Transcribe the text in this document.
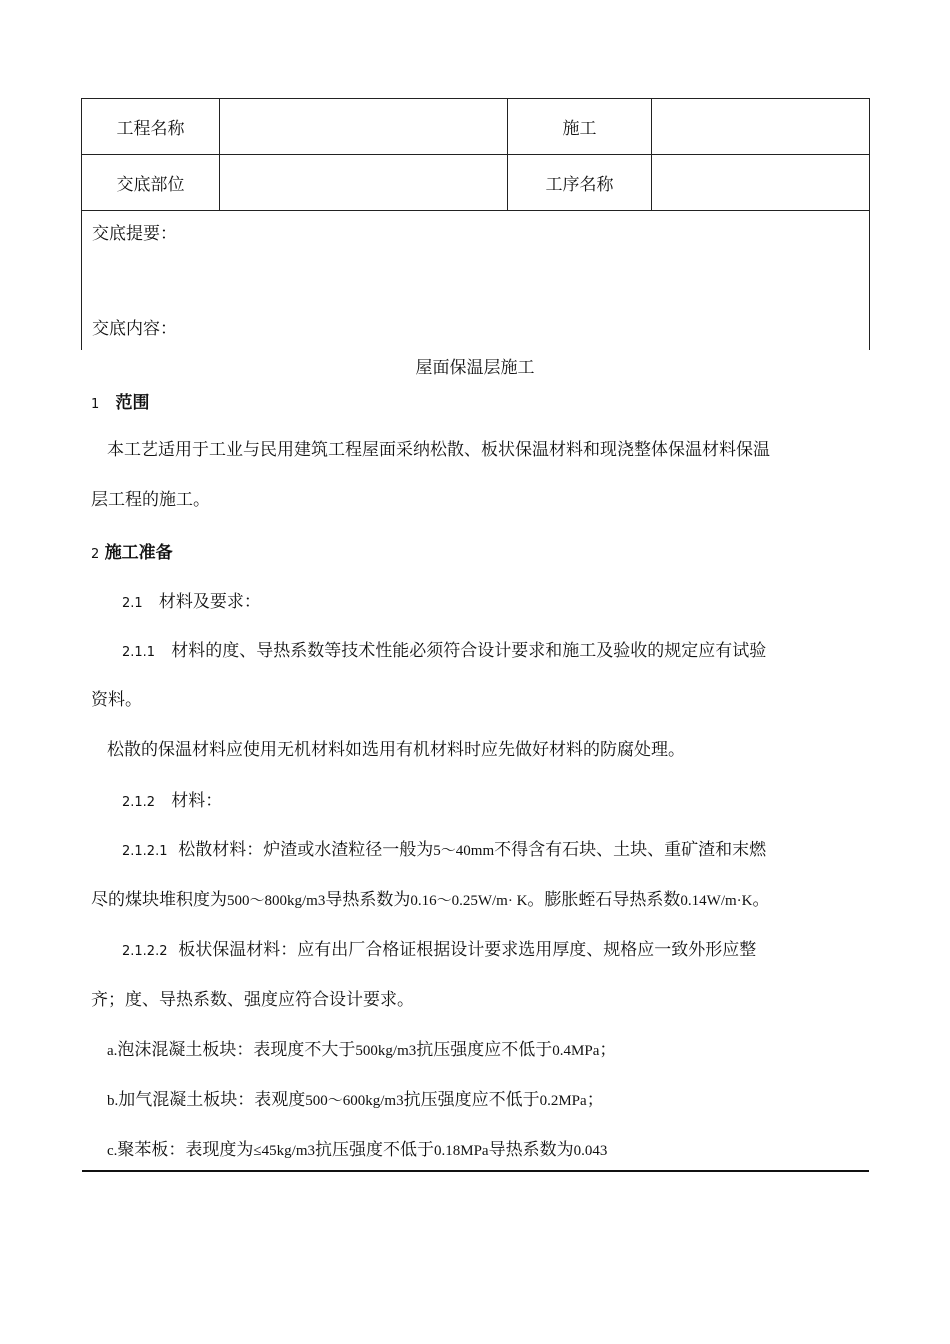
工程名称		施工	
交底部位		工序名称	

交底提要：
交底内容：			
屋面保温层施工
1 范围
本工艺适用于工业与民用建筑工程屋面采纳松散、板状保温材料和现浇整体保温材料保温
层工程的施工。
2 施工准备
2.1 材料及要求：
2.1.1 材料的度、导热系数等技术性能必须符合设计要求和施工及验收的规定应有试验
资料。
松散的保温材料应使用无机材料如选用有机材料时应先做好材料的防腐处理。
2.1.2 材料：
2.1.2.1 松散材料：炉渣或水渣粒径一般为5～40mm不得含有石块、土块、重矿渣和末燃
尽的煤块堆积度为500～800kg/m3导热系数为0.16～0.25W/m· K。膨胀蛭石导热系数0.14W/m·K。
2.1.2.2 板状保温材料：应有出厂合格证根据设计要求选用厚度、规格应一致外形应整
齐；度、导热系数、强度应符合设计要求。
a.泡沫混凝土板块：表现度不大于500kg/m3抗压强度应不低于0.4MPa；
b.加气混凝土板块：表观度500～600kg/m3抗压强度应不低于0.2MPa；
c.聚苯板：表现度为≤45kg/m3抗压强度不低于0.18MPa导热系数为0.043
